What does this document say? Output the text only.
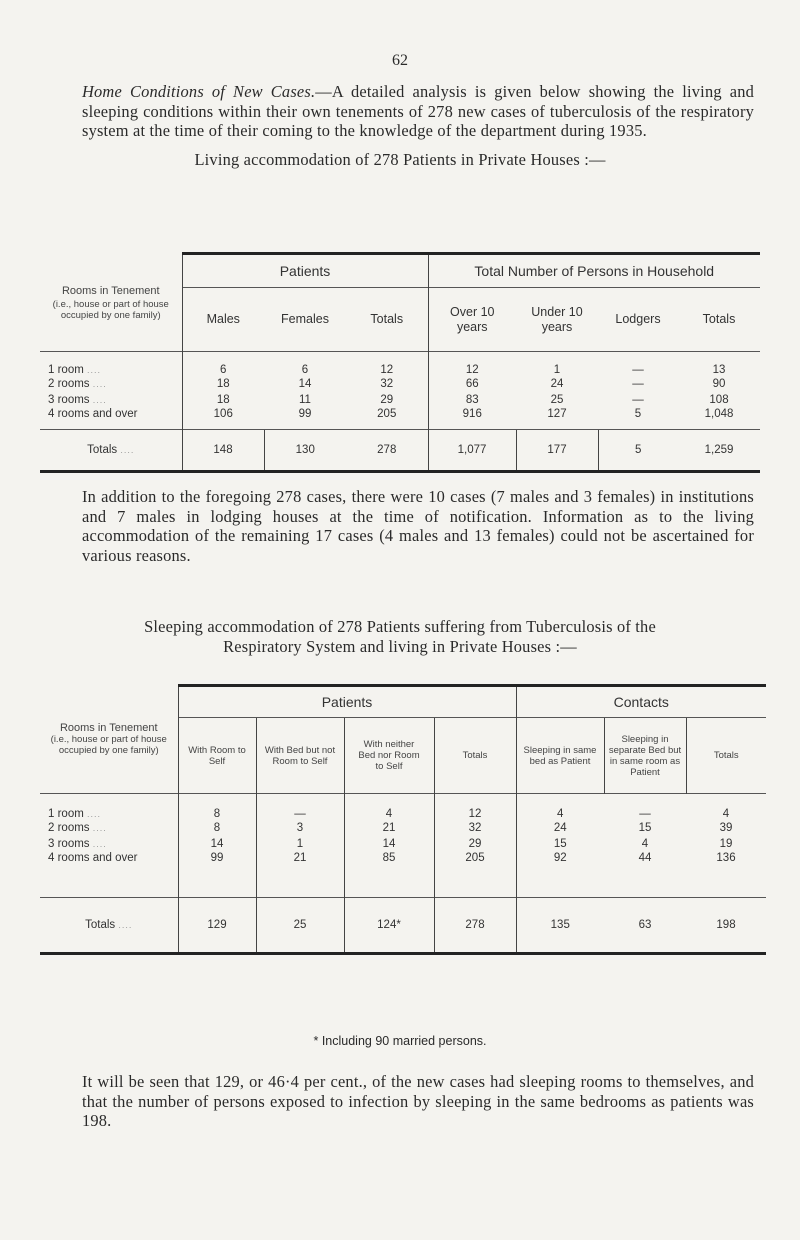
62
Home Conditions of New Cases.—A detailed analysis is given below showing the living and sleeping conditions within their own tenements of 278 new cases of tuberculosis of the respiratory system at the time of their coming to the knowledge of the department during 1935.
Living accommodation of 278 Patients in Private Houses :—
Rooms in Tenement
(i.e., house or part of house occupied by one family)	Patients			Total Number of Persons in Household			
	Males	Females	Totals	Over 10 years	Under 10 years	Lodgers	Totals
1 room ....	6	6	12	12	1	—	13
2 rooms ....	18	14	32	66	24	—	90
3 rooms ....	18	11	29	83	25	—	108
4 rooms and over	106	99	205	916	127	5	1,048
Totals ....	148	130	278	1,077	177	5	1,259
In addition to the foregoing 278 cases, there were 10 cases (7 males and 3 females) in institutions and 7 males in lodging houses at the time of notification. Information as to the living accommodation of the remaining 17 cases (4 males and 13 females) could not be ascertained for various reasons.
Sleeping accommodation of 278 Patients suffering from Tuberculosis of the
Respiratory System and living in Private Houses :—
Rooms in Tenement
(i.e., house or part of house occupied by one family)	Patients				Contacts		
	With Room to Self	With Bed but not Room to Self	With neither Bed nor Room to Self	Totals	Sleeping in same bed as Patient	Sleeping in separate Bed but in same room as Patient	Totals
1 room ....	8	—	4	12	4	—	4
2 rooms ....	8	3	21	32	24	15	39
3 rooms ....	14	1	14	29	15	4	19
4 rooms and over	99	21	85	205	92	44	136
Totals ....	129	25	124*	278	135	63	198
* Including 90 married persons.
It will be seen that 129, or 46·4 per cent., of the new cases had sleeping rooms to themselves, and that the number of persons exposed to infection by sleeping in the same bedrooms as patients was 198.
